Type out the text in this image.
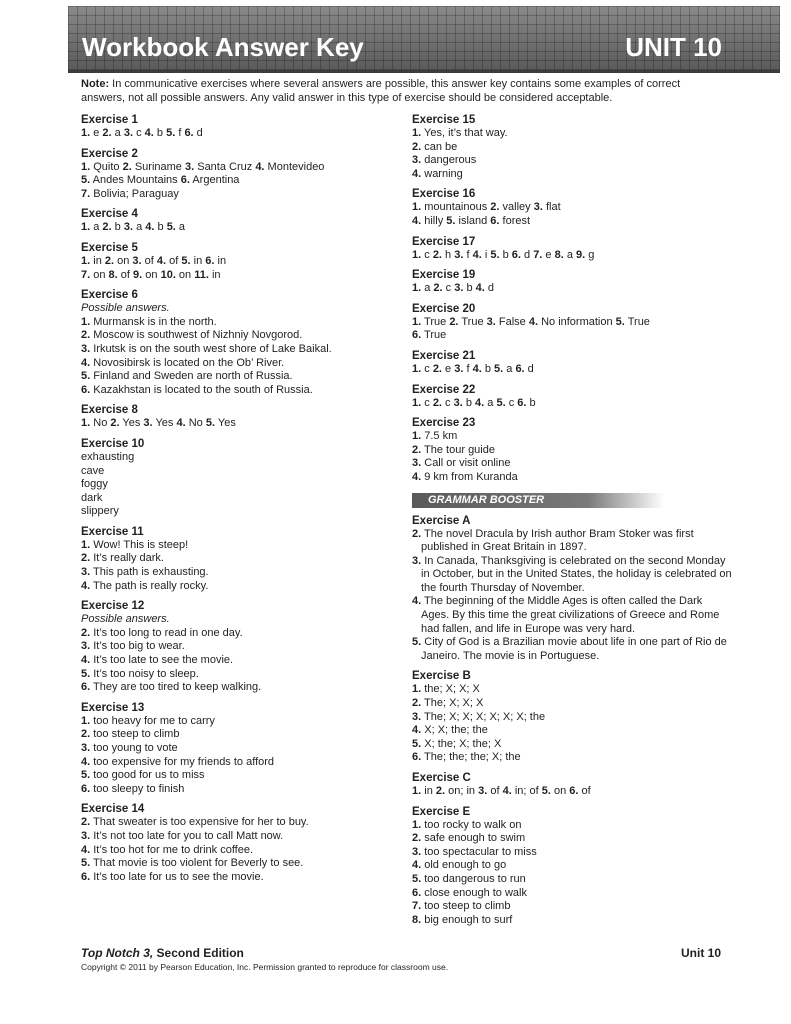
Workbook Answer Key	UNIT 10
Note: In communicative exercises where several answers are possible, this answer key contains some examples of correct answers, not all possible answers. Any valid answer in this type of exercise should be considered acceptable.
Exercise 1
1. e 2. a 3. c 4. b 5. f 6. d
Exercise 2
1. Quito 2. Suriname 3. Santa Cruz 4. Montevideo
5. Andes Mountains 6. Argentina
7. Bolivia; Paraguay
Exercise 4
1. a 2. b 3. a 4. b 5. a
Exercise 5
1. in 2. on 3. of 4. of 5. in 6. in
7. on 8. of 9. on 10. on 11. in
Exercise 6
Possible answers.
1. Murmansk is in the north.
2. Moscow is southwest of Nizhniy Novgorod.
3. Irkutsk is on the south west shore of Lake Baikal.
4. Novosibirsk is located on the Ob’ River.
5. Finland and Sweden are north of Russia.
6. Kazakhstan is located to the south of Russia.
Exercise 8
1. No 2. Yes 3. Yes 4. No 5. Yes
Exercise 10
exhausting
cave
foggy
dark
slippery
Exercise 11
1. Wow! This is steep!
2. It’s really dark.
3. This path is exhausting.
4. The path is really rocky.
Exercise 12
Possible answers.
2. It’s too long to read in one day.
3. It’s too big to wear.
4. It’s too late to see the movie.
5. It’s too noisy to sleep.
6. They are too tired to keep walking.
Exercise 13
1. too heavy for me to carry
2. too steep to climb
3. too young to vote
4. too expensive for my friends to afford
5. too good for us to miss
6. too sleepy to finish
Exercise 14
2. That sweater is too expensive for her to buy.
3. It’s not too late for you to call Matt now.
4. It’s too hot for me to drink coffee.
5. That movie is too violent for Beverly to see.
6. It’s too late for us to see the movie.
Exercise 15
1. Yes, it’s that way.
2. can be
3. dangerous
4. warning
Exercise 16
1. mountainous 2. valley 3. flat
4. hilly 5. island 6. forest
Exercise 17
1. c 2. h 3. f 4. i 5. b 6. d 7. e 8. a 9. g
Exercise 19
1. a 2. c 3. b 4. d
Exercise 20
1. True 2. True 3. False 4. No information 5. True
6. True
Exercise 21
1. c 2. e 3. f 4. b 5. a 6. d
Exercise 22
1. c 2. c 3. b 4. a 5. c 6. b
Exercise 23
1. 7.5 km
2. The tour guide
3. Call or visit online
4. 9 km from Kuranda
GRAMMAR BOOSTER
Exercise A
2. The novel Dracula by Irish author Bram Stoker was first published in Great Britain in 1897.
3. In Canada, Thanksgiving is celebrated on the second Monday in October, but in the United States, the holiday is celebrated on the fourth Thursday of November.
4. The beginning of the Middle Ages is often called the Dark Ages. By this time the great civilizations of Greece and Rome had fallen, and life in Europe was very hard.
5. City of God is a Brazilian movie about life in one part of Rio de Janeiro. The movie is in Portuguese.
Exercise B
1. the; X; X; X
2. The; X; X; X
3. The; X; X; X; X; X; X; the
4. X; X; the; the
5. X; the; X; the; X
6. The; the; the; X; the
Exercise C
1. in 2. on; in 3. of 4. in; of 5. on 6. of
Exercise E
1. too rocky to walk on
2. safe enough to swim
3. too spectacular to miss
4. old enough to go
5. too dangerous to run
6. close enough to walk
7. too steep to climb
8. big enough to surf
Top Notch 3, Second Edition	Unit 10
Copyright © 2011 by Pearson Education, Inc. Permission granted to reproduce for classroom use.
